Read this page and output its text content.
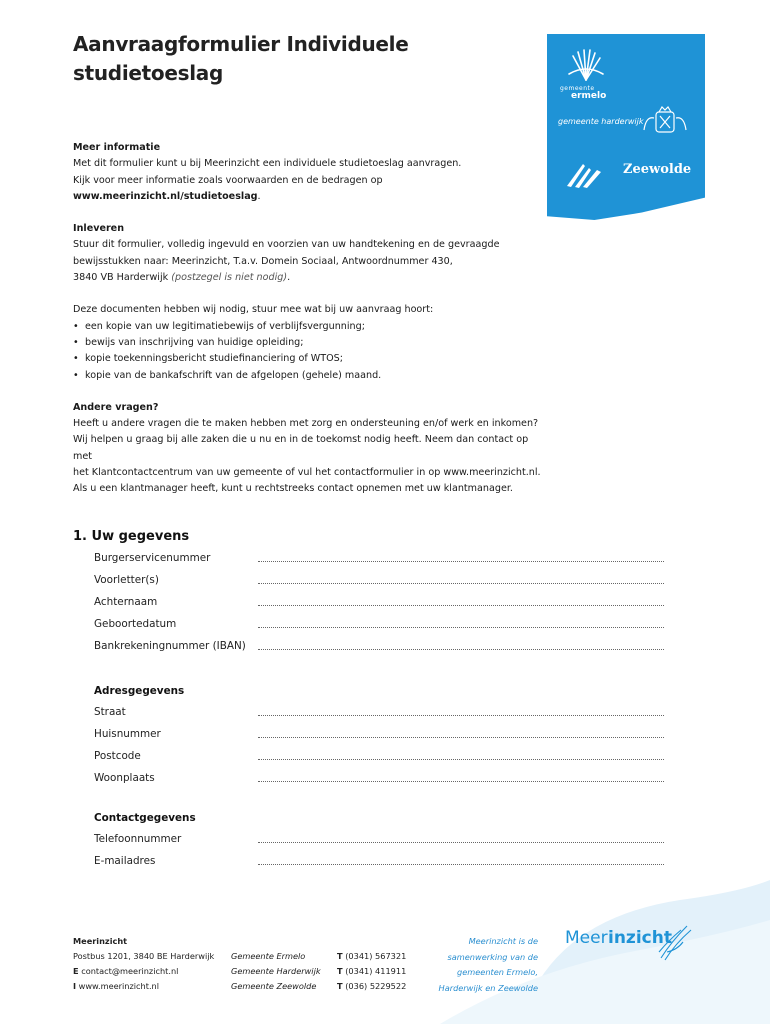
Aanvraagformulier Individuele
studietoeslag
gemeente
ermelo
gemeente harderwijk
Zeewolde

Meer informatie

Met dit formulier kunt u bij Meerinzicht een individuele studietoeslag aanvragen.

Kijk voor meer informatie zoals voorwaarden en de bedragen op

www.meerinzicht.nl/studietoeslag.

Inleveren

Stuur dit formulier, volledig ingevuld en voorzien van uw handtekening en de gevraagde

bewijsstukken naar: Meerinzicht, T.a.v. Domein Sociaal, Antwoordnummer 430,

3840 VB Harderwijk (postzegel is niet nodig).

Deze documenten hebben wij nodig, stuur mee wat bij uw aanvraag hoort:

• een kopie van uw legitimatiebewijs of verblijfsvergunning;
• bewijs van inschrijving van huidige opleiding;
• kopie toekenningsbericht studiefinanciering of WTOS;
• kopie van de bankafschrift van de afgelopen (gehele) maand.

Andere vragen?

Heeft u andere vragen die te maken hebben met zorg en ondersteuning en/of werk en inkomen?

Wij helpen u graag bij alle zaken die u nu en in de toekomst nodig heeft. Neem dan contact op met

het Klantcontactcentrum van uw gemeente of vul het contactformulier in op www.meerinzicht.nl.

Als u een klantmanager heeft, kunt u rechtstreeks contact opnemen met uw klantmanager.

1. Uw gegevens
Burgerservicenummer
Voorletter(s)
Achternaam
Geboortedatum
Bankrekeningnummer (IBAN)
Adresgegevens
Straat
Huisnummer
Postcode
Woonplaats
Contactgegevens
Telefoonnummer
E-mailadres
Meerinzicht
Postbus 1201, 3840 BE Harderwijk
E contact@meerinzicht.nl
I www.meerinzicht.nl
Gemeente Ermelo
Gemeente Harderwijk
Gemeente Zeewolde
T (0341) 567321
T (0341) 411911
T (036) 5229522
Meerinzicht is de
samenwerking van de
gemeenten Ermelo,
Harderwijk en Zeewolde
Meer inzicht
